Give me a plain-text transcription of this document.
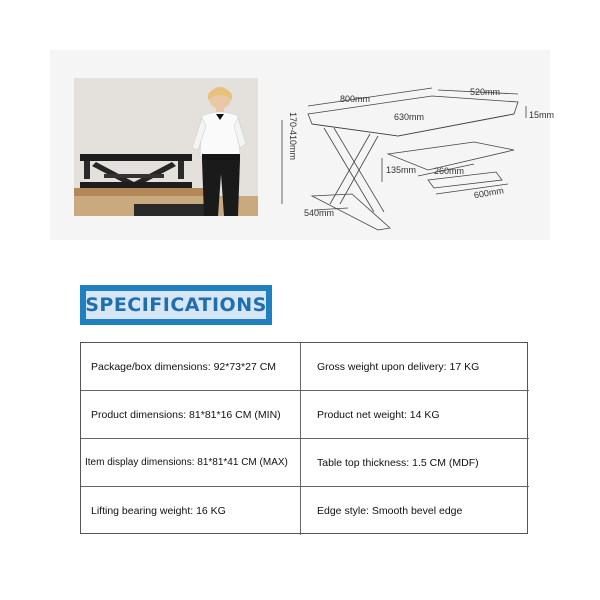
800mm
520mm
630mm	15mm
170-410mm
135mm 260mm
600mm
540mm
SPECIFICATIONS
Package/box dimensions: 92*73*27 CM	Gross weight upon delivery: 17 KG
Product dimensions: 81*81*16 CM (MIN)	Product net weight: 14 KG
Item display dimensions: 81*81*41 CM (MAX)	Table top thickness: 1.5 CM (MDF)
Lifting bearing weight: 16 KG	Edge style: Smooth bevel edge
